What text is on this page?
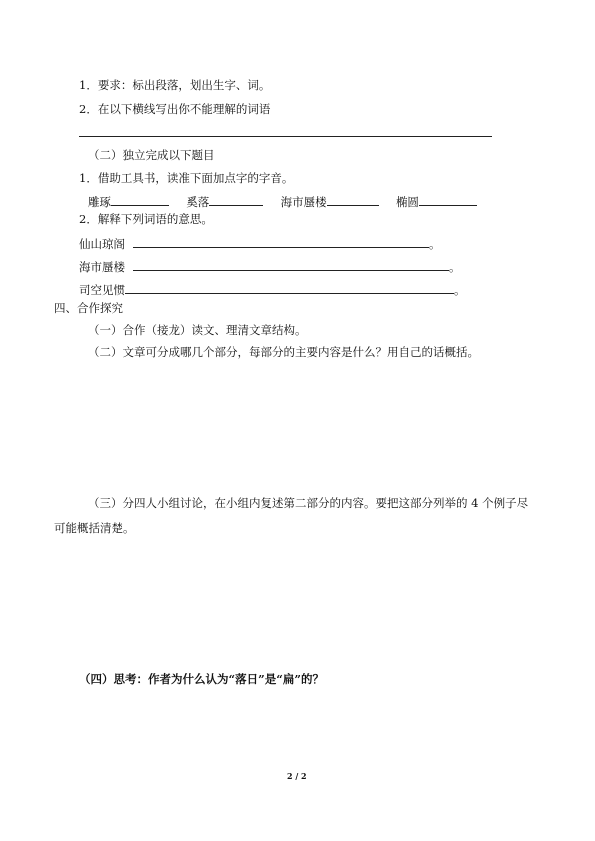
1．要求：标出段落，划出生字、词。
2．在以下横线写出你不能理解的词语
（二）独立完成以下题目
1．借助工具书，读准下面加点字的字音。
雕琢	奚落	海市蜃楼	椭圆
2．解释下列词语的意思。
仙山琼阁	。
海市蜃楼	。
司空见惯	。
四、合作探究
（一）合作（接龙）读文、理清文章结构。
（二）文章可分成哪几个部分，每部分的主要内容是什么？用自己的话概括。
（三）分四人小组讨论，在小组内复述第二部分的内容。要把这部分列举的 4 个例子尽
可能概括清楚。
（四）思考：作者为什么认为“落日”是“扁”的？
2 / 2
